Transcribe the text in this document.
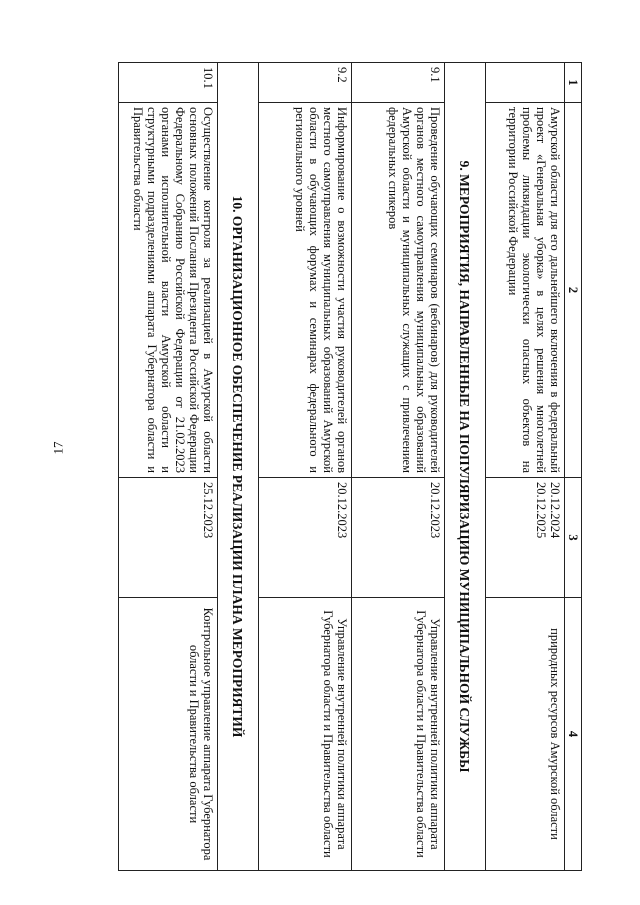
17
1	2	3	4
	Амурской области для его дальнейшего включения в федеральный проект «Генеральная уборка» в целях решения многолетней проблемы ликвидации экологически опасных объектов на территории Российской Федерации	20.12.2024 20.12.2025	природных ресурсов Амурской области
9. МЕРОПРИЯТИЯ, НАПРАВЛЕННЫЕ НА ПОПУЛЯРИЗАЦИЮ МУНИЦИПАЛЬНОЙ СЛУЖБЫ			
9.1	Проведение обучающих семинаров (вебинаров) для руководителей органов местного самоуправления муниципальных образований Амурской области и муниципальных служащих с привлечением федеральных спикеров	20.12.2023	Управление внутренней политики аппарата Губернатора области и Правительства области
9.2	Информирование о возможности участия руководителей органов местного самоуправления муниципальных образований Амурской области в обучающих форумах и семинарах федерального и регионального уровней	20.12.2023	Управление внутренней политики аппарата Губернатора области и Правительства области
10. ОРГАНИЗАЦИОННОЕ ОБЕСПЕЧЕНИЕ РЕАЛИЗАЦИИ ПЛАНА МЕРОПРИЯТИЙ			
10.1	Осуществление контроля за реализацией в Амурской области основных положений Послания Президента Российской Федерации Федеральному Собранию Российской Федерации от 21.02.2023 органами исполнительной власти Амурской области и структурными подразделениями аппарата Губернатора области и Правительства области	25.12.2023	Контрольное управление аппарата Губернатора области и Правительства области
